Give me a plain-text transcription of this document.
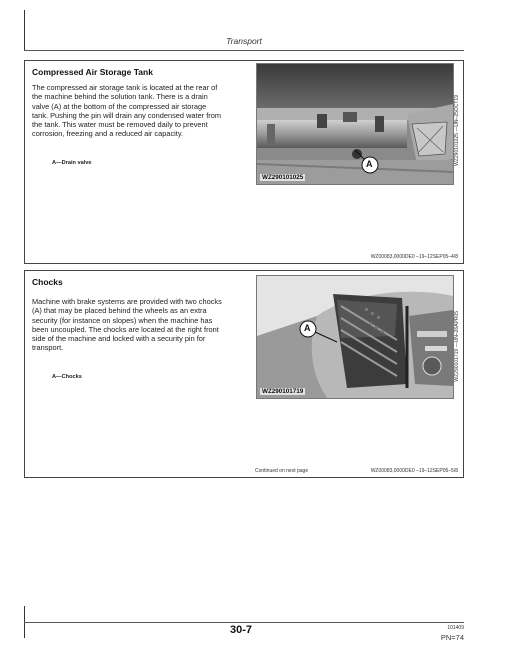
Transport
Compressed Air Storage Tank
The compressed air storage tank is located at the rear of
the machine behind the solution tank. There is a drain
valve (A) at the bottom of the compressed air storage
tank. Pushing the pin will drain any condensed water from
the tank. This water must be removed daily to prevent
corrosion, freezing and a reduced air capacity.
A—Drain valve	A
WZ290101025
WZ290101025 —UN–25OCT19
WZ00083,0000DE0 –19–12SEP05–4/8
Chocks
Machine with brake systems are provided with two chocks
(A) that may be placed behind the wheels as an extra
security (for instance on slopes) when the machine has
been uncoupled. The chocks are located at the right front
side of the machine and locked with a security pin for
transport.
A—Chocks
A
WZ290101719
WZ290101719 —UN–26APR05
Continued on next page	WZ00083,0000DE0 –19–12SEP05–5/8
30-7	101409
PN=74
